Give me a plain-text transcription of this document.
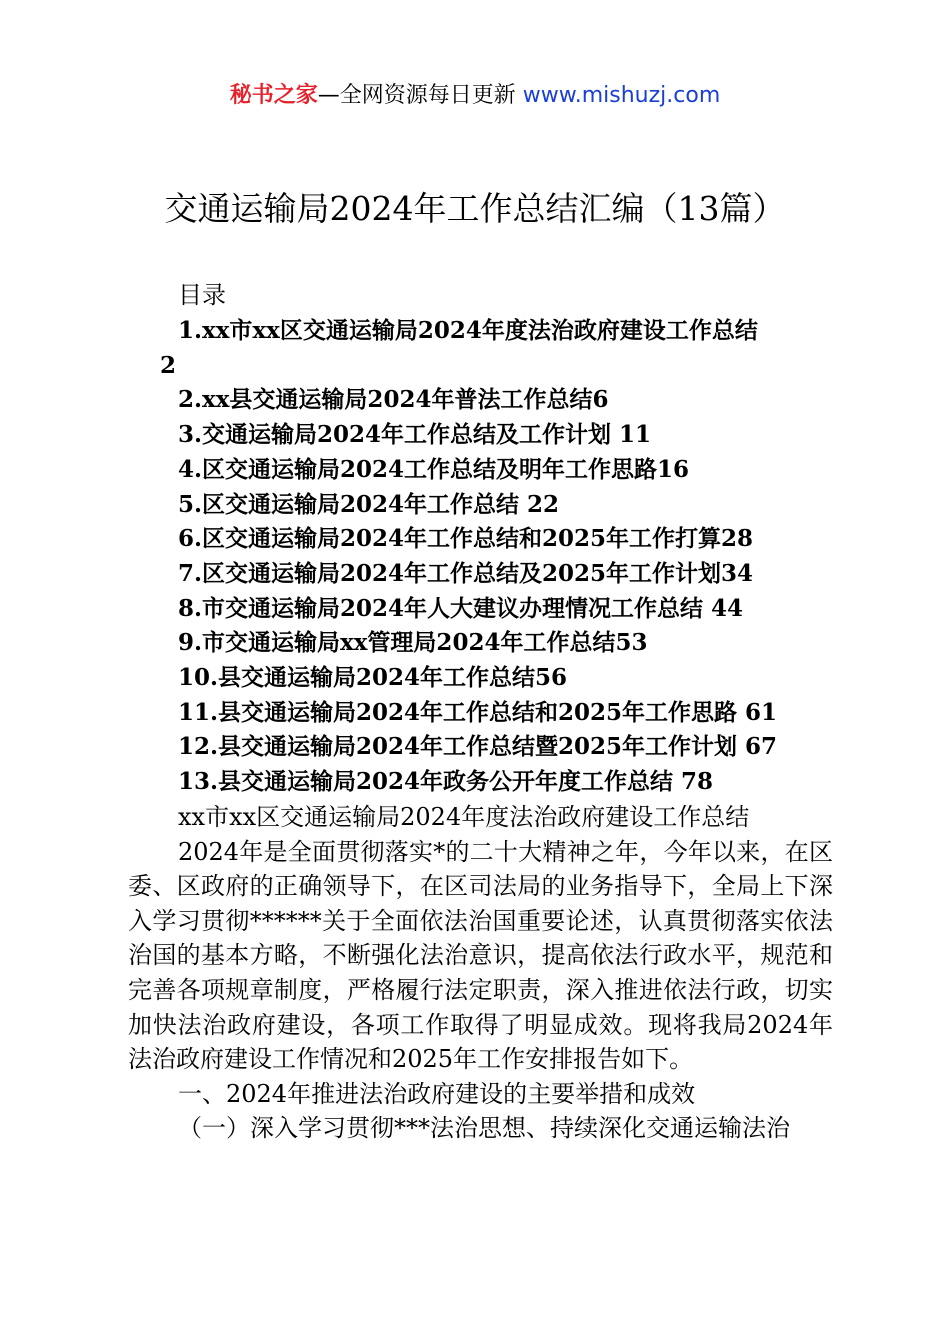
秘书之家—全网资源每日更新 www.mishuzj.com
交通运输局2024年工作总结汇编（13篇）
目录
1.xx市xx区交通运输局2024年度法治政府建设工作总结
2
2.xx县交通运输局2024年普法工作总结6
3.交通运输局2024年工作总结及工作计划 11
4.区交通运输局2024工作总结及明年工作思路16
5.区交通运输局2024年工作总结 22
6.区交通运输局2024年工作总结和2025年工作打算28
7.区交通运输局2024年工作总结及2025年工作计划34
8.市交通运输局2024年人大建议办理情况工作总结 44
9.市交通运输局xx管理局2024年工作总结53
10.县交通运输局2024年工作总结56
11.县交通运输局2024年工作总结和2025年工作思路 61
12.县交通运输局2024年工作总结暨2025年工作计划 67
13.县交通运输局2024年政务公开年度工作总结 78

xx市xx区交通运输局2024年度法治政府建设工作总结

2024年是全面贯彻落实*的二十大精神之年，今年以来，在区委、区政府的正确领导下，在区司法局的业务指导下，全局上下深入学习贯彻******关于全面依法治国重要论述，认真贯彻落实依法治国的基本方略，不断强化法治意识，提高依法行政水平，规范和完善各项规章制度，严格履行法定职责，深入推进依法行政，切实加快法治政府建设，各项工作取得了明显成效。现将我局2024年法治政府建设工作情况和2025年工作安排报告如下。

一、2024年推进法治政府建设的主要举措和成效

（一）深入学习贯彻***法治思想、持续深化交通运输法治
